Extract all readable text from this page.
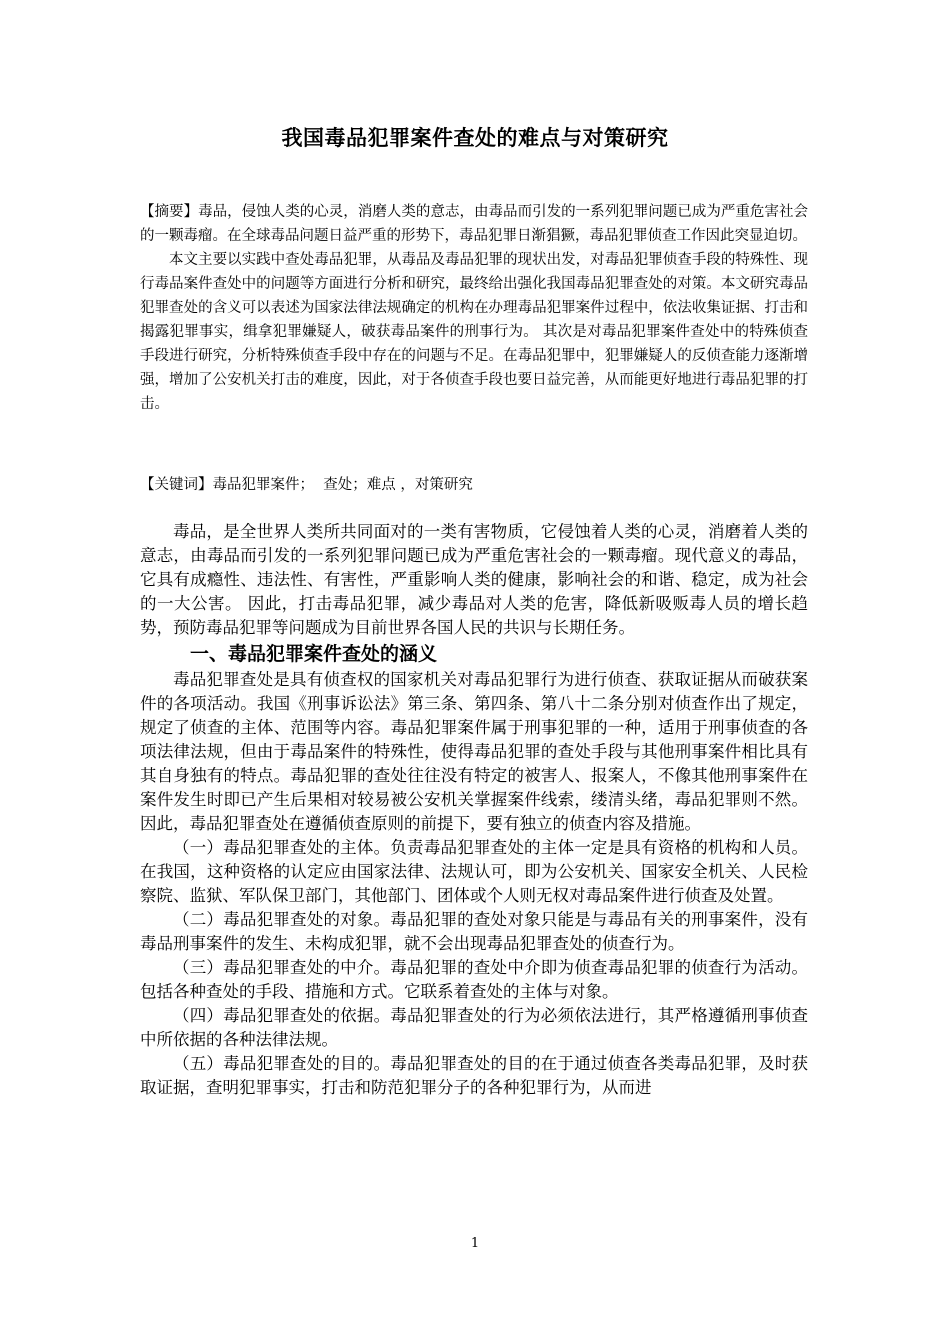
我国毒品犯罪案件查处的难点与对策研究

【摘要】毒品，侵蚀人类的心灵，消磨人类的意志，由毒品而引发的一系列犯罪问题已成为严重危害社会的一颗毒瘤。在全球毒品问题日益严重的形势下，毒品犯罪日渐猖獗，毒品犯罪侦查工作因此突显迫切。

本文主要以实践中查处毒品犯罪，从毒品及毒品犯罪的现状出发，对毒品犯罪侦查手段的特殊性、现行毒品案件查处中的问题等方面进行分析和研究，最终给出强化我国毒品犯罪查处的对策。本文研究毒品犯罪查处的含义可以表述为国家法律法规确定的机构在办理毒品犯罪案件过程中，依法收集证据、打击和揭露犯罪事实，缉拿犯罪嫌疑人，破获毒品案件的刑事行为。 其次是对毒品犯罪案件查处中的特殊侦查手段进行研究，分析特殊侦查手段中存在的问题与不足。在毒品犯罪中，犯罪嫌疑人的反侦查能力逐渐增强，增加了公安机关打击的难度，因此，对于各侦查手段也要日益完善，从而能更好地进行毒品犯罪的打击。

【关键词】毒品犯罪案件；  查处；难点 ，对策研究

毒品，是全世界人类所共同面对的一类有害物质，它侵蚀着人类的心灵，消磨着人类的意志，由毒品而引发的一系列犯罪问题已成为严重危害社会的一颗毒瘤。现代意义的毒品，它具有成瘾性、违法性、有害性，严重影响人类的健康，影响社会的和谐、稳定，成为社会的一大公害。 因此，打击毒品犯罪，减少毒品对人类的危害，降低新吸贩毒人员的增长趋势，预防毒品犯罪等问题成为目前世界各国人民的共识与长期任务。

一、毒品犯罪案件查处的涵义

毒品犯罪查处是具有侦查权的国家机关对毒品犯罪行为进行侦查、获取证据从而破获案件的各项活动。我国《刑事诉讼法》第三条、第四条、第八十二条分别对侦查作出了规定，规定了侦查的主体、范围等内容。毒品犯罪案件属于刑事犯罪的一种，适用于刑事侦查的各项法律法规，但由于毒品案件的特殊性，使得毒品犯罪的查处手段与其他刑事案件相比具有其自身独有的特点。毒品犯罪的查处往往没有特定的被害人、报案人，不像其他刑事案件在案件发生时即已产生后果相对较易被公安机关掌握案件线索，缕清头绪，毒品犯罪则不然。因此，毒品犯罪查处在遵循侦查原则的前提下，要有独立的侦查内容及措施。

（一）毒品犯罪查处的主体。负责毒品犯罪查处的主体一定是具有资格的机构和人员。在我国，这种资格的认定应由国家法律、法规认可，即为公安机关、国家安全机关、人民检察院、监狱、军队保卫部门，其他部门、团体或个人则无权对毒品案件进行侦查及处置。

（二）毒品犯罪查处的对象。毒品犯罪的查处对象只能是与毒品有关的刑事案件，没有毒品刑事案件的发生、未构成犯罪，就不会出现毒品犯罪查处的侦查行为。

（三）毒品犯罪查处的中介。毒品犯罪的查处中介即为侦查毒品犯罪的侦查行为活动。包括各种查处的手段、措施和方式。它联系着查处的主体与对象。

（四）毒品犯罪查处的依据。毒品犯罪查处的行为必须依法进行，其严格遵循刑事侦查中所依据的各种法律法规。

（五）毒品犯罪查处的目的。毒品犯罪查处的目的在于通过侦查各类毒品犯罪，及时获取证据，查明犯罪事实，打击和防范犯罪分子的各种犯罪行为，从而进

1
